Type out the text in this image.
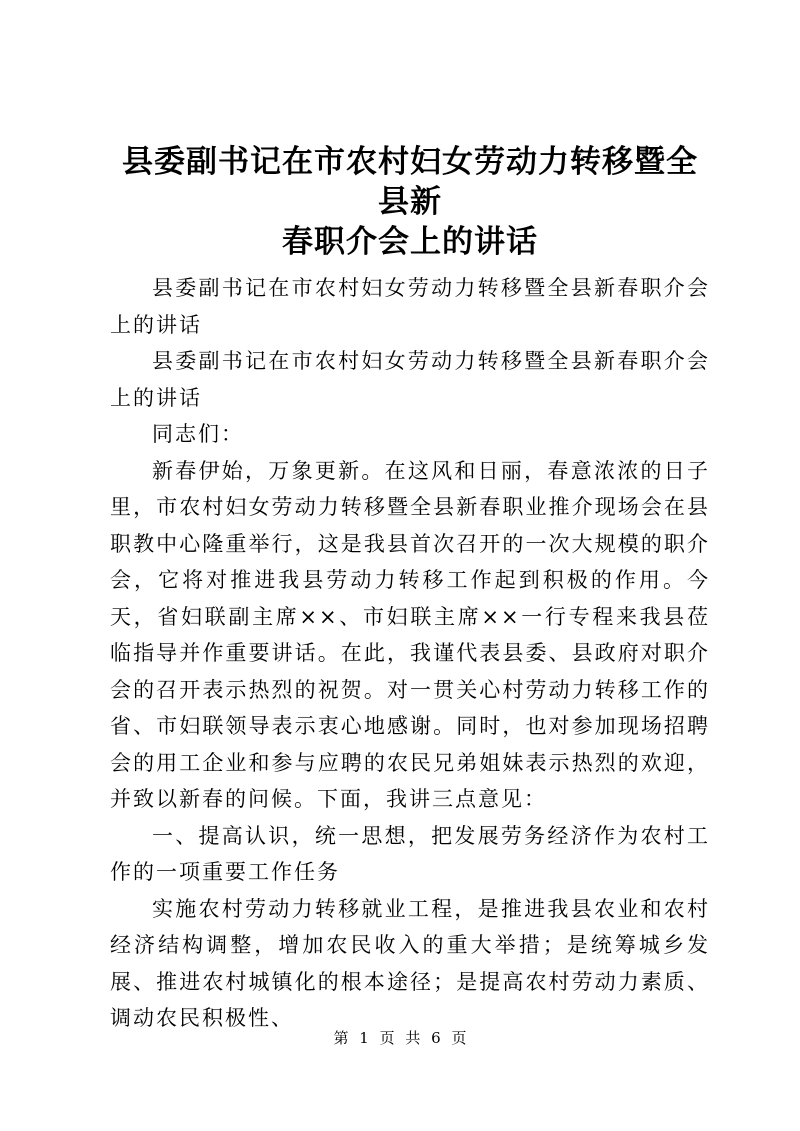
县委副书记在市农村妇女劳动力转移暨全县新
春职介会上的讲话

县委副书记在市农村妇女劳动力转移暨全县新春职介会上的讲话

县委副书记在市农村妇女劳动力转移暨全县新春职介会上的讲话

同志们：

新春伊始，万象更新。在这风和日丽，春意浓浓的日子里，市农村妇女劳动力转移暨全县新春职业推介现场会在县职教中心隆重举行，这是我县首次召开的一次大规模的职介会，它将对推进我县劳动力转移工作起到积极的作用。今天，省妇联副主席××、市妇联主席××一行专程来我县莅临指导并作重要讲话。在此，我谨代表县委、县政府对职介会的召开表示热烈的祝贺。对一贯关心村劳动力转移工作的省、市妇联领导表示衷心地感谢。同时，也对参加现场招聘会的用工企业和参与应聘的农民兄弟姐妹表示热烈的欢迎，并致以新春的问候。下面，我讲三点意见：

一、提高认识，统一思想，把发展劳务经济作为农村工作的一项重要工作任务

实施农村劳动力转移就业工程，是推进我县农业和农村经济结构调整，增加农民收入的重大举措；是统筹城乡发展、推进农村城镇化的根本途径；是提高农村劳动力素质、调动农民积极性、

第 1 页 共 6 页
